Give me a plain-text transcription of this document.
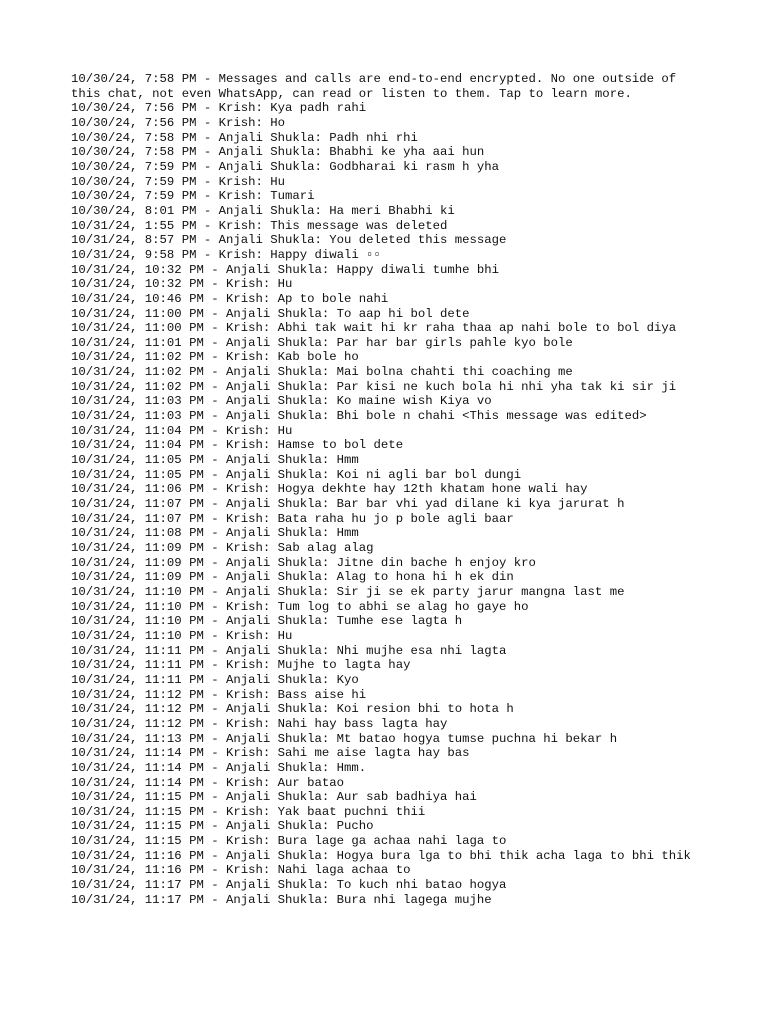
10/30/24, 7:58 PM - Messages and calls are end-to-end encrypted. No one outside of this chat, not even WhatsApp, can read or listen to them. Tap to learn more.

10/30/24, 7:56 PM - Krish: Kya padh rahi

10/30/24, 7:56 PM - Krish: Ho

10/30/24, 7:58 PM - Anjali Shukla: Padh nhi rhi

10/30/24, 7:58 PM - Anjali Shukla: Bhabhi ke yha aai hun

10/30/24, 7:59 PM - Anjali Shukla: Godbharai ki rasm h yha

10/30/24, 7:59 PM - Krish: Hu

10/30/24, 7:59 PM - Krish: Tumari

10/30/24, 8:01 PM - Anjali Shukla: Ha meri Bhabhi ki

10/31/24, 1:55 PM - Krish: This message was deleted

10/31/24, 8:57 PM - Anjali Shukla: You deleted this message

10/31/24, 9:58 PM - Krish: Happy diwali ▫▫

10/31/24, 10:32 PM - Anjali Shukla: Happy diwali tumhe bhi

10/31/24, 10:32 PM - Krish: Hu

10/31/24, 10:46 PM - Krish: Ap to bole nahi

10/31/24, 11:00 PM - Anjali Shukla: To aap hi bol dete

10/31/24, 11:00 PM - Krish: Abhi tak wait hi kr raha thaa ap nahi bole to bol diya

10/31/24, 11:01 PM - Anjali Shukla: Par har bar girls pahle kyo bole

10/31/24, 11:02 PM - Krish: Kab bole ho

10/31/24, 11:02 PM - Anjali Shukla: Mai bolna chahti thi coaching me

10/31/24, 11:02 PM - Anjali Shukla: Par kisi ne kuch bola hi nhi yha tak ki sir ji

10/31/24, 11:03 PM - Anjali Shukla: Ko maine wish Kiya vo

10/31/24, 11:03 PM - Anjali Shukla: Bhi bole n chahi <This message was edited>

10/31/24, 11:04 PM - Krish: Hu

10/31/24, 11:04 PM - Krish: Hamse to bol dete

10/31/24, 11:05 PM - Anjali Shukla: Hmm

10/31/24, 11:05 PM - Anjali Shukla: Koi ni agli bar bol dungi

10/31/24, 11:06 PM - Krish: Hogya dekhte hay 12th khatam hone wali hay

10/31/24, 11:07 PM - Anjali Shukla: Bar bar vhi yad dilane ki kya jarurat h

10/31/24, 11:07 PM - Krish: Bata raha hu jo p bole agli baar

10/31/24, 11:08 PM - Anjali Shukla: Hmm

10/31/24, 11:09 PM - Krish: Sab alag alag

10/31/24, 11:09 PM - Anjali Shukla: Jitne din bache h enjoy kro

10/31/24, 11:09 PM - Anjali Shukla: Alag to hona hi h ek din

10/31/24, 11:10 PM - Anjali Shukla: Sir ji se ek party jarur mangna last me

10/31/24, 11:10 PM - Krish: Tum log to abhi se alag ho gaye ho

10/31/24, 11:10 PM - Anjali Shukla: Tumhe ese lagta h

10/31/24, 11:10 PM - Krish: Hu

10/31/24, 11:11 PM - Anjali Shukla: Nhi mujhe esa nhi lagta

10/31/24, 11:11 PM - Krish: Mujhe to lagta hay

10/31/24, 11:11 PM - Anjali Shukla: Kyo

10/31/24, 11:12 PM - Krish: Bass aise hi

10/31/24, 11:12 PM - Anjali Shukla: Koi resion bhi to hota h

10/31/24, 11:12 PM - Krish: Nahi hay bass lagta hay

10/31/24, 11:13 PM - Anjali Shukla: Mt batao hogya tumse puchna hi bekar h

10/31/24, 11:14 PM - Krish: Sahi me aise lagta hay bas

10/31/24, 11:14 PM - Anjali Shukla: Hmm.

10/31/24, 11:14 PM - Krish: Aur batao

10/31/24, 11:15 PM - Anjali Shukla: Aur sab badhiya hai

10/31/24, 11:15 PM - Krish: Yak baat puchni thii

10/31/24, 11:15 PM - Anjali Shukla: Pucho

10/31/24, 11:15 PM - Krish: Bura lage ga achaa nahi laga to

10/31/24, 11:16 PM - Anjali Shukla: Hogya bura lga to bhi thik acha laga to bhi thik

10/31/24, 11:16 PM - Krish: Nahi laga achaa to

10/31/24, 11:17 PM - Anjali Shukla: To kuch nhi batao hogya

10/31/24, 11:17 PM - Anjali Shukla: Bura nhi lagega mujhe
